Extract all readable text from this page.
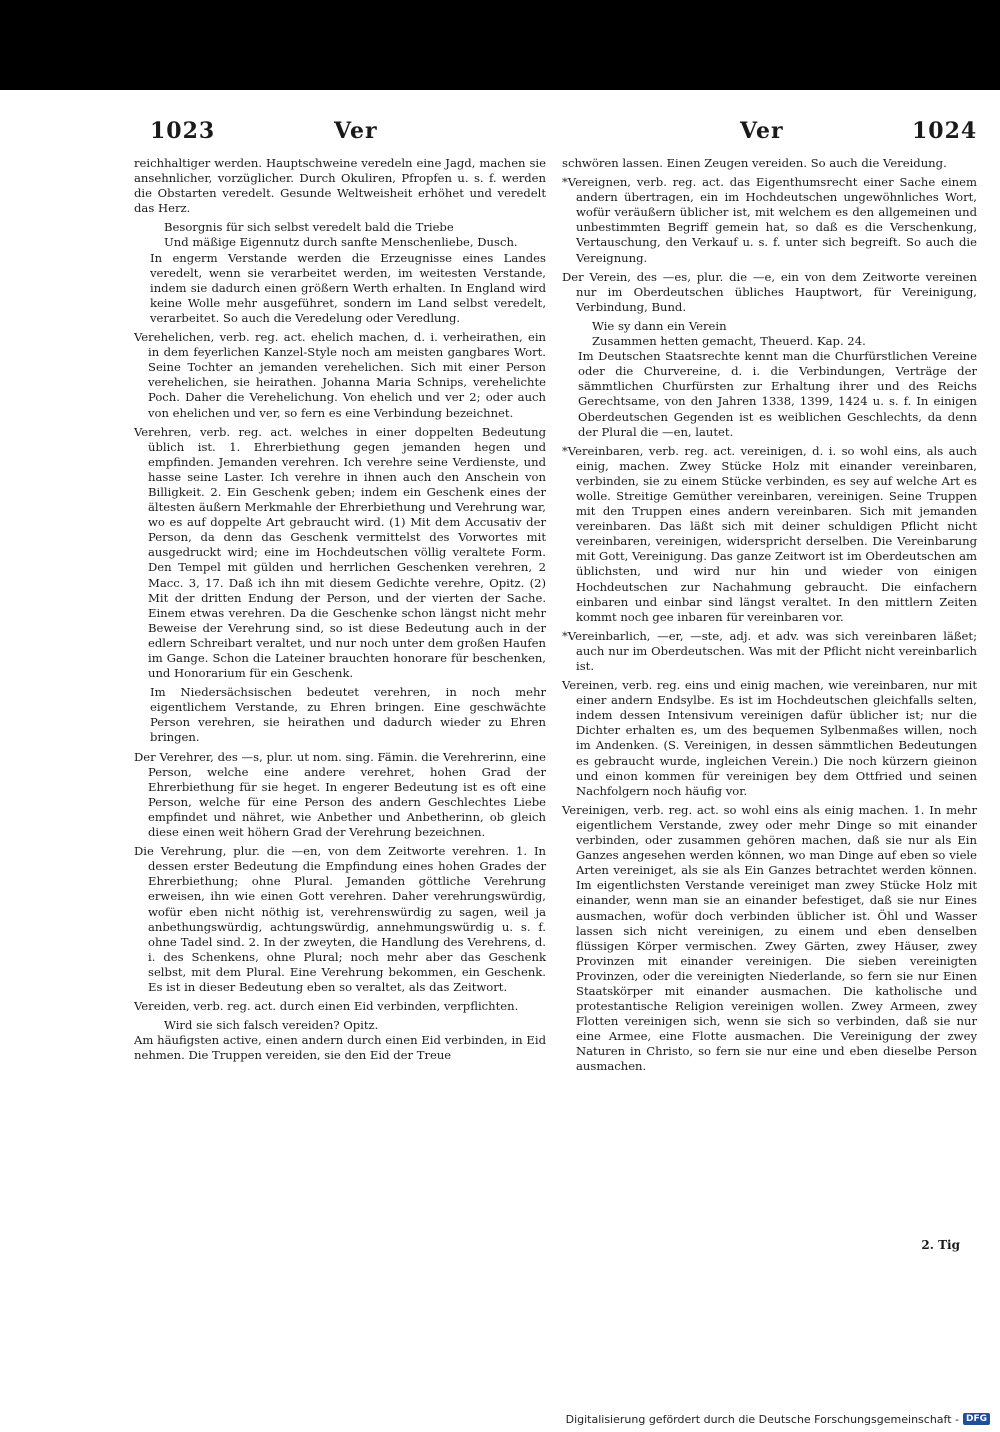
1023	Ver	Ver	1024

reichhaltiger werden. Hauptschweine veredeln eine Jagd, machen sie ansehnlicher, vorzüglicher. Durch Okuliren, Pfropfen u. s. f. werden die Obstarten veredelt. Gesunde Weltweisheit erhöhet und veredelt das Herz.

Besorgnis für sich selbst veredelt bald die Triebe

Und mäßige Eigennutz durch sanfte Menschenliebe, Dusch.

In engerm Verstande werden die Erzeugnisse eines Landes veredelt, wenn sie verarbeitet werden, im weitesten Verstande, indem sie dadurch einen größern Werth erhalten. In England wird keine Wolle mehr ausgeführet, sondern im Land selbst veredelt, verarbeitet. So auch die Veredelung oder Veredlung.

Verehelichen, verb. reg. act. ehelich machen, d. i. verheirathen, ein in dem feyerlichen Kanzel-Style noch am meisten gangbares Wort. Seine Tochter an jemanden verehelichen. Sich mit einer Person verehelichen, sie heirathen. Johanna Maria Schnips, verehelichte Poch. Daher die Verehelichung. Von ehelich und ver 2; oder auch von ehelichen und ver, so fern es eine Verbindung bezeichnet.

Verehren, verb. reg. act. welches in einer doppelten Bedeutung üblich ist. 1. Ehrerbiethung gegen jemanden hegen und empfinden. Jemanden verehren. Ich verehre seine Verdienste, und hasse seine Laster. Ich verehre in ihnen auch den Anschein von Billigkeit. 2. Ein Geschenk geben; indem ein Geschenk eines der ältesten äußern Merkmahle der Ehrerbiethung und Verehrung war, wo es auf doppelte Art gebraucht wird. (1) Mit dem Accusativ der Person, da denn das Geschenk vermittelst des Vorwortes mit ausgedruckt wird; eine im Hochdeutschen völlig veraltete Form. Den Tempel mit gülden und herrlichen Geschenken verehren, 2 Macc. 3, 17. Daß ich ihn mit diesem Gedichte verehre, Opitz. (2) Mit der dritten Endung der Person, und der vierten der Sache. Einem etwas verehren. Da die Geschenke schon längst nicht mehr Beweise der Verehrung sind, so ist diese Bedeutung auch in der edlern Schreibart veraltet, und nur noch unter dem großen Haufen im Gange. Schon die Lateiner brauchten honorare für beschenken, und Honorarium für ein Geschenk.

Im Niedersächsischen bedeutet verehren, in noch mehr eigentlichem Verstande, zu Ehren bringen. Eine geschwächte Person verehren, sie heirathen und dadurch wieder zu Ehren bringen.

Der Verehrer, des —s, plur. ut nom. sing. Fämin. die Verehrerinn, eine Person, welche eine andere verehret, hohen Grad der Ehrerbiethung für sie heget. In engerer Bedeutung ist es oft eine Person, welche für eine Person des andern Geschlechtes Liebe empfindet und nähret, wie Anbether und Anbetherinn, ob gleich diese einen weit höhern Grad der Verehrung bezeichnen.

Die Verehrung, plur. die —en, von dem Zeitworte verehren. 1. In dessen erster Bedeutung die Empfindung eines hohen Grades der Ehrerbiethung; ohne Plural. Jemanden göttliche Verehrung erweisen, ihn wie einen Gott verehren. Daher verehrungswürdig, wofür eben nicht nöthig ist, verehrenswürdig zu sagen, weil ja anbethungswürdig, achtungswürdig, annehmungswürdig u. s. f. ohne Tadel sind. 2. In der zweyten, die Handlung des Verehrens, d. i. des Schenkens, ohne Plural; noch mehr aber das Geschenk selbst, mit dem Plural. Eine Verehrung bekommen, ein Geschenk. Es ist in dieser Bedeutung eben so veraltet, als das Zeitwort.

Vereiden, verb. reg. act. durch einen Eid verbinden, verpflichten.

Wird sie sich falsch vereiden? Opitz.

Am häufigsten active, einen andern durch einen Eid verbinden, in Eid nehmen. Die Truppen vereiden, sie den Eid der Treue

schwören lassen. Einen Zeugen vereiden. So auch die Vereidung.

*Vereignen, verb. reg. act. das Eigenthumsrecht einer Sache einem andern übertragen, ein im Hochdeutschen ungewöhnliches Wort, wofür veräußern üblicher ist, mit welchem es den allgemeinen und unbestimmten Begriff gemein hat, so daß es die Verschenkung, Vertauschung, den Verkauf u. s. f. unter sich begreift. So auch die Vereignung.

Der Verein, des —es, plur. die —e, ein von dem Zeitworte vereinen nur im Oberdeutschen übliches Hauptwort, für Vereinigung, Verbindung, Bund.

Wie sy dann ein Verein

Zusammen hetten gemacht, Theuerd. Kap. 24.

Im Deutschen Staatsrechte kennt man die Churfürstlichen Vereine oder die Churvereine, d. i. die Verbindungen, Verträge der sämmtlichen Churfürsten zur Erhaltung ihrer und des Reichs Gerechtsame, von den Jahren 1338, 1399, 1424 u. s. f. In einigen Oberdeutschen Gegenden ist es weiblichen Geschlechts, da denn der Plural die —en, lautet.

*Vereinbaren, verb. reg. act. vereinigen, d. i. so wohl eins, als auch einig, machen. Zwey Stücke Holz mit einander vereinbaren, verbinden, sie zu einem Stücke verbinden, es sey auf welche Art es wolle. Streitige Gemüther vereinbaren, vereinigen. Seine Truppen mit den Truppen eines andern vereinbaren. Sich mit jemanden vereinbaren. Das läßt sich mit deiner schuldigen Pflicht nicht vereinbaren, vereinigen, widerspricht derselben. Die Vereinbarung mit Gott, Vereinigung. Das ganze Zeitwort ist im Oberdeutschen am üblichsten, und wird nur hin und wieder von einigen Hochdeutschen zur Nachahmung gebraucht. Die einfachern einbaren und einbar sind längst veraltet. In den mittlern Zeiten kommt noch gee inbaren für vereinbaren vor.

*Vereinbarlich, —er, —ste, adj. et adv. was sich vereinbaren läßet; auch nur im Oberdeutschen. Was mit der Pflicht nicht vereinbarlich ist.

Vereinen, verb. reg. eins und einig machen, wie vereinbaren, nur mit einer andern Endsylbe. Es ist im Hochdeutschen gleichfalls selten, indem dessen Intensivum vereinigen dafür üblicher ist; nur die Dichter erhalten es, um des bequemen Sylbenmaßes willen, noch im Andenken. (S. Vereinigen, in dessen sämmtlichen Bedeutungen es gebraucht wurde, ingleichen Verein.) Die noch kürzern gieinon und einon kommen für vereinigen bey dem Ottfried und seinen Nachfolgern noch häufig vor.

Vereinigen, verb. reg. act. so wohl eins als einig machen. 1. In mehr eigentlichem Verstande, zwey oder mehr Dinge so mit einander verbinden, oder zusammen gehören machen, daß sie nur als Ein Ganzes angesehen werden können, wo man Dinge auf eben so viele Arten vereiniget, als sie als Ein Ganzes betrachtet werden können. Im eigentlichsten Verstande vereiniget man zwey Stücke Holz mit einander, wenn man sie an einander befestiget, daß sie nur Eines ausmachen, wofür doch verbinden üblicher ist. Öhl und Wasser lassen sich nicht vereinigen, zu einem und eben denselben flüssigen Körper vermischen. Zwey Gärten, zwey Häuser, zwey Provinzen mit einander vereinigen. Die sieben vereinigten Provinzen, oder die vereinigten Niederlande, so fern sie nur Einen Staatskörper mit einander ausmachen. Die katholische und protestantische Religion vereinigen wollen. Zwey Armeen, zwey Flotten vereinigen sich, wenn sie sich so verbinden, daß sie nur eine Armee, eine Flotte ausmachen. Die Vereinigung der zwey Naturen in Christo, so fern sie nur eine und eben dieselbe Person ausmachen.

2. Tig
Digitalisierung gefördert durch die Deutsche Forschungsgemeinschaft - DFG
